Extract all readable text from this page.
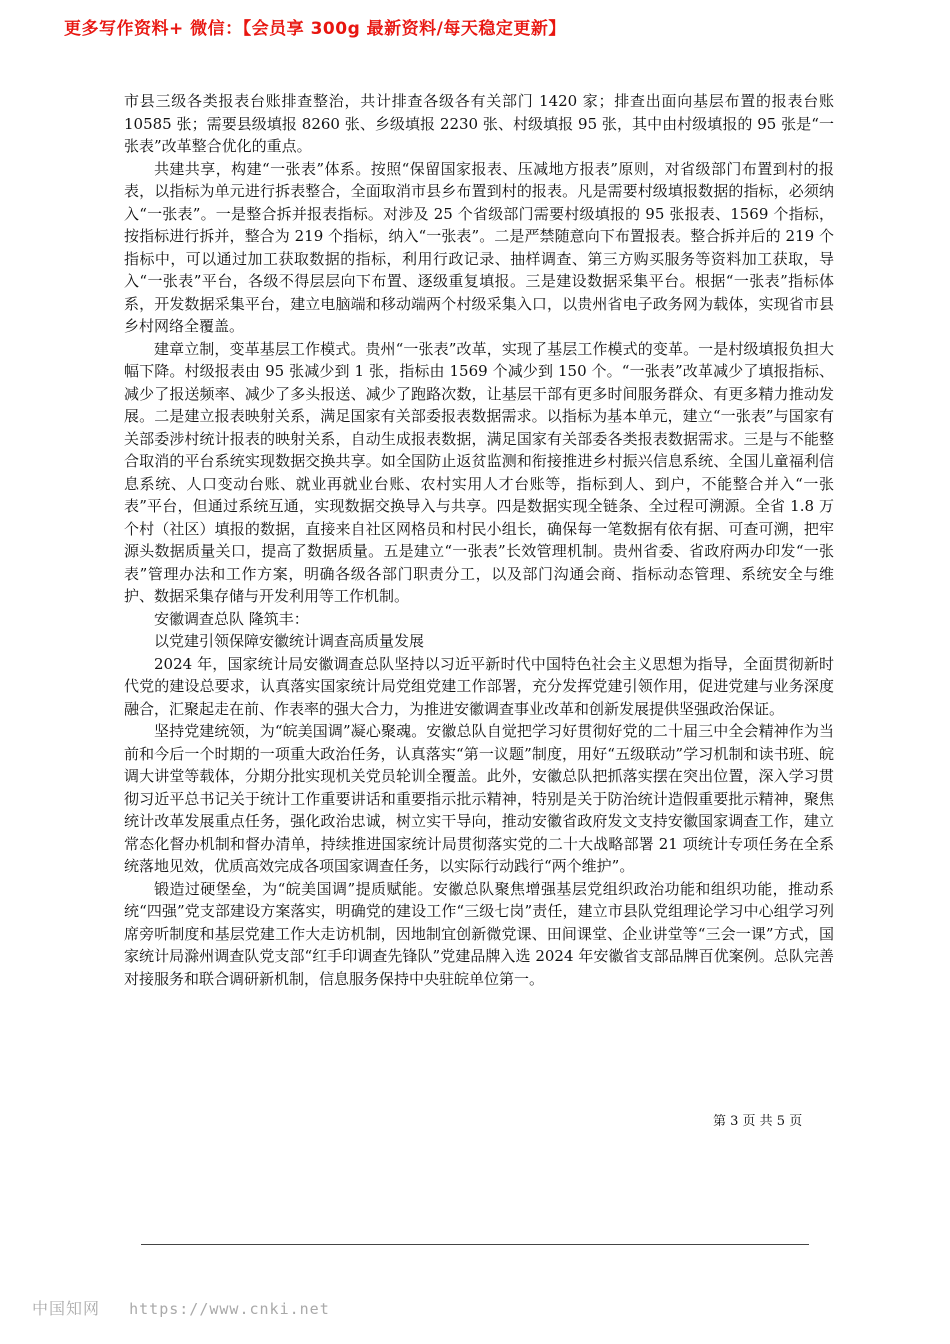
更多写作资料+ 微信：【会员享 300g 最新资料/每天稳定更新】

市县三级各类报表台账排查整治，共计排查各级各有关部门 1420 家；排查出面向基层布置的报表台账 10585 张；需要县级填报 8260 张、乡级填报 2230 张、村级填报 95 张，其中由村级填报的 95 张是“一张表”改革整合优化的重点。

共建共享，构建“一张表”体系。按照“保留国家报表、压减地方报表”原则，对省级部门布置到村的报表，以指标为单元进行拆表整合，全面取消市县乡布置到村的报表。凡是需要村级填报数据的指标，必须纳入“一张表”。一是整合拆并报表指标。对涉及 25 个省级部门需要村级填报的 95 张报表、1569 个指标，按指标进行拆并，整合为 219 个指标，纳入“一张表”。二是严禁随意向下布置报表。整合拆并后的 219 个指标中，可以通过加工获取数据的指标，利用行政记录、抽样调查、第三方购买服务等资料加工获取，导入“一张表”平台，各级不得层层向下布置、逐级重复填报。三是建设数据采集平台。根据“一张表”指标体系，开发数据采集平台，建立电脑端和移动端两个村级采集入口，以贵州省电子政务网为载体，实现省市县乡村网络全覆盖。

建章立制，变革基层工作模式。贵州“一张表”改革，实现了基层工作模式的变革。一是村级填报负担大幅下降。村级报表由 95 张减少到 1 张，指标由 1569 个减少到 150 个。“一张表”改革减少了填报指标、减少了报送频率、减少了多头报送、减少了跑路次数，让基层干部有更多时间服务群众、有更多精力推动发展。二是建立报表映射关系，满足国家有关部委报表数据需求。以指标为基本单元，建立“一张表”与国家有关部委涉村统计报表的映射关系，自动生成报表数据，满足国家有关部委各类报表数据需求。三是与不能整合取消的平台系统实现数据交换共享。如全国防止返贫监测和衔接推进乡村振兴信息系统、全国儿童福利信息系统、人口变动台账、就业再就业台账、农村实用人才台账等，指标到人、到户，不能整合并入“一张表”平台，但通过系统互通，实现数据交换导入与共享。四是数据实现全链条、全过程可溯源。全省 1.8 万个村（社区）填报的数据，直接来自社区网格员和村民小组长，确保每一笔数据有依有据、可查可溯，把牢源头数据质量关口，提高了数据质量。五是建立“一张表”长效管理机制。贵州省委、省政府两办印发“一张表”管理办法和工作方案，明确各级各部门职责分工，以及部门沟通会商、指标动态管理、系统安全与维护、数据采集存储与开发利用等工作机制。

安徽调查总队 隆筑丰：

以党建引领保障安徽统计调查高质量发展

2024 年，国家统计局安徽调查总队坚持以习近平新时代中国特色社会主义思想为指导，全面贯彻新时代党的建设总要求，认真落实国家统计局党组党建工作部署，充分发挥党建引领作用，促进党建与业务深度融合，汇聚起走在前、作表率的强大合力，为推进安徽调查事业改革和创新发展提供坚强政治保证。

坚持党建统领，为“皖美国调”凝心聚魂。安徽总队自觉把学习好贯彻好党的二十届三中全会精神作为当前和今后一个时期的一项重大政治任务，认真落实“第一议题”制度，用好“五级联动”学习机制和读书班、皖调大讲堂等载体，分期分批实现机关党员轮训全覆盖。此外，安徽总队把抓落实摆在突出位置，深入学习贯彻习近平总书记关于统计工作重要讲话和重要指示批示精神，特别是关于防治统计造假重要批示精神，聚焦统计改革发展重点任务，强化政治忠诚，树立实干导向，推动安徽省政府发文支持安徽国家调查工作，建立常态化督办机制和督办清单，持续推进国家统计局贯彻落实党的二十大战略部署 21 项统计专项任务在全系统落地见效，优质高效完成各项国家调查任务，以实际行动践行“两个维护”。

锻造过硬堡垒，为“皖美国调”提质赋能。安徽总队聚焦增强基层党组织政治功能和组织功能，推动系统“四强”党支部建设方案落实，明确党的建设工作“三级七岗”责任，建立市县队党组理论学习中心组学习列席旁听制度和基层党建工作大走访机制，因地制宜创新微党课、田间课堂、企业讲堂等“三会一课”方式，国家统计局滁州调查队党支部“红手印调查先锋队”党建品牌入选 2024 年安徽省支部品牌百优案例。总队完善对接服务和联合调研新机制，信息服务保持中央驻皖单位第一。

第 3 页 共 5 页
中国知网 https://www.cnki.net
